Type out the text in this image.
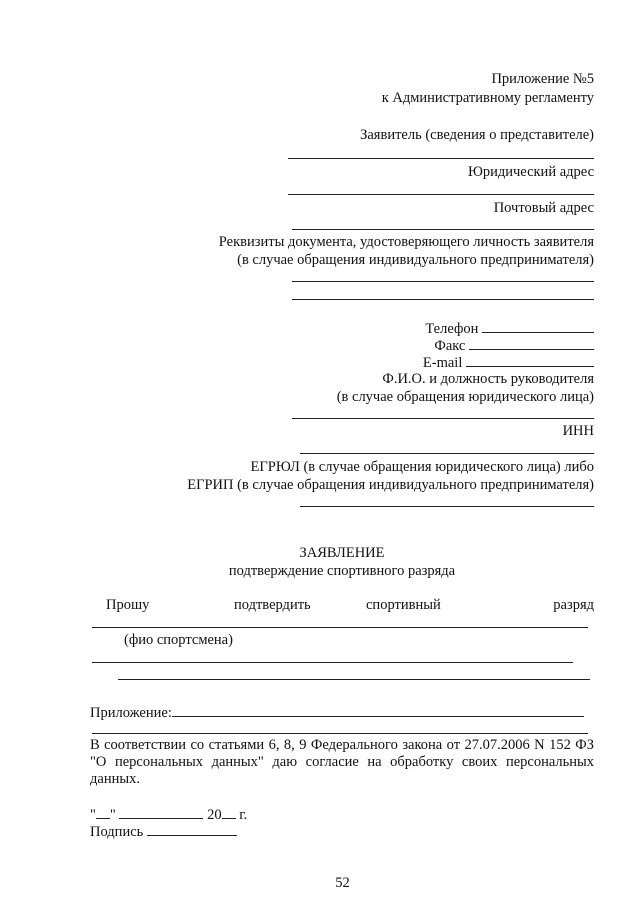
Приложение №5
к Административному регламенту
Заявитель (сведения о представителе)
Юридический адрес
Почтовый адрес
Реквизиты документа, удостоверяющего личность заявителя
(в случае обращения индивидуального предпринимателя)
Телефон
Факс
E-mail
Ф.И.О. и должность руководителя
(в случае обращения юридического лица)
ИНН
ЕГРЮЛ (в случае обращения юридического лица) либо
ЕГРИП (в случае обращения индивидуального предпринимателя)
ЗАЯВЛЕНИЕ
подтверждение спортивного разряда
Прошу	подтвердить	спортивный	разряд
(фио спортсмена)
Приложение:
В соответствии со статьями 6, 8, 9 Федерального закона от 27.07.2006 N 152 ФЗ "О персональных данных" даю согласие на обработку своих персональных данных.
" "	20 г.
Подпись
52
